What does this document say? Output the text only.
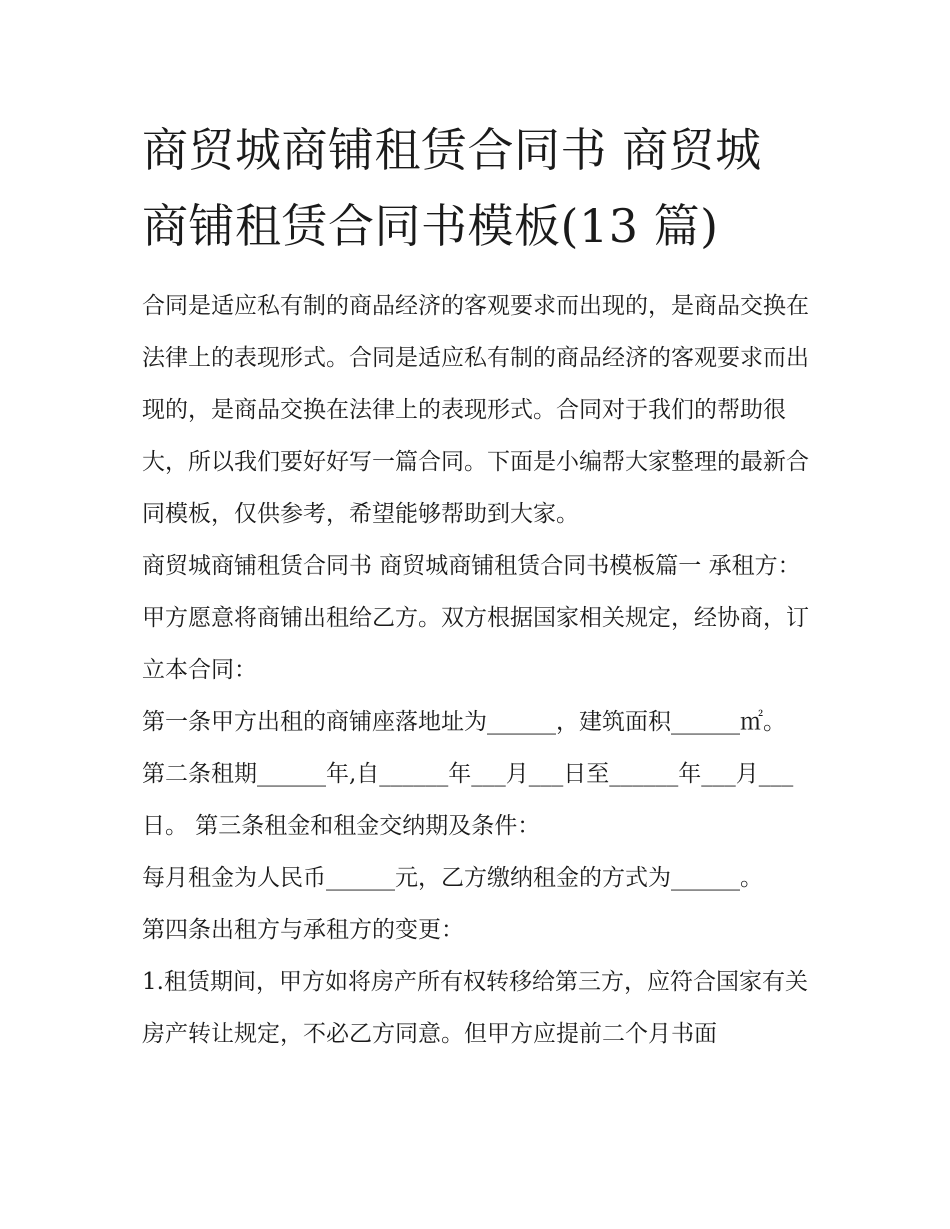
商贸城商铺租赁合同书 商贸城
商铺租赁合同书模板(13 篇)

合同是适应私有制的商品经济的客观要求而出现的，是商品交换在法律上的表现形式。合同是适应私有制的商品经济的客观要求而出现的，是商品交换在法律上的表现形式。合同对于我们的帮助很大，所以我们要好好写一篇合同。下面是小编帮大家整理的最新合同模板，仅供参考，希望能够帮助到大家。

商贸城商铺租赁合同书 商贸城商铺租赁合同书模板篇一 承租方： 甲方愿意将商铺出租给乙方。双方根据国家相关规定，经协商，订立本合同：

第一条甲方出租的商铺座落地址为______，建筑面积______㎡。

第二条租期______年,自______年___月___日至______年___月___日。 第三条租金和租金交纳期及条件：

每月租金为人民币______元，乙方缴纳租金的方式为______。

第四条出租方与承租方的变更：

1.租赁期间，甲方如将房产所有权转移给第三方，应符合国家有关房产转让规定，不必乙方同意。但甲方应提前二个月书面
